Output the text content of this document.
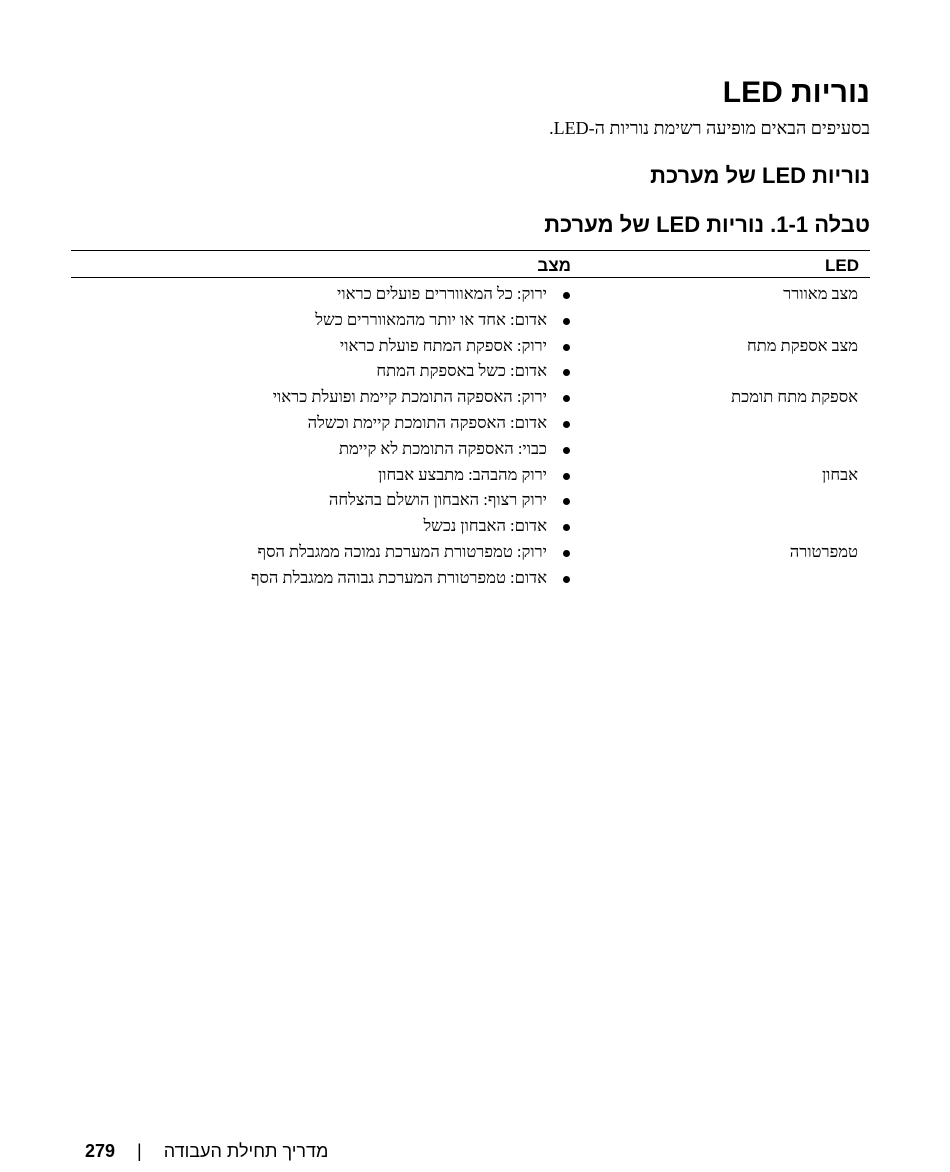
נוריות LED

בסעיפים הבאים מופיעה רשימת נוריות ה-LED.

נוריות LED של מערכת
טבלה 1-1. נוריות LED של מערכת
LED
מצב
מצב מאוורר
ירוק: כל המאווררים פועלים כראוי
אדום: אחד או יותר מהמאווררים כשל
מצב אספקת מתח
ירוק: אספקת המתח פועלת כראוי
אדום: כשל באספקת המתח
אספקת מתח תומכת
ירוק: האספקה התומכת קיימת ופועלת כראוי
אדום: האספקה התומכת קיימת וכשלה
כבוי: האספקה התומכת לא קיימת
אבחון
ירוק מהבהב: מתבצע אבחון
ירוק רצוף: האבחון הושלם בהצלחה
אדום: האבחון נכשל
טמפרטורה
ירוק: טמפרטורת המערכת נמוכה ממגבלת הסף
אדום: טמפרטורת המערכת גבוהה ממגבלת הסף
279 | מדריך תחילת העבודה
